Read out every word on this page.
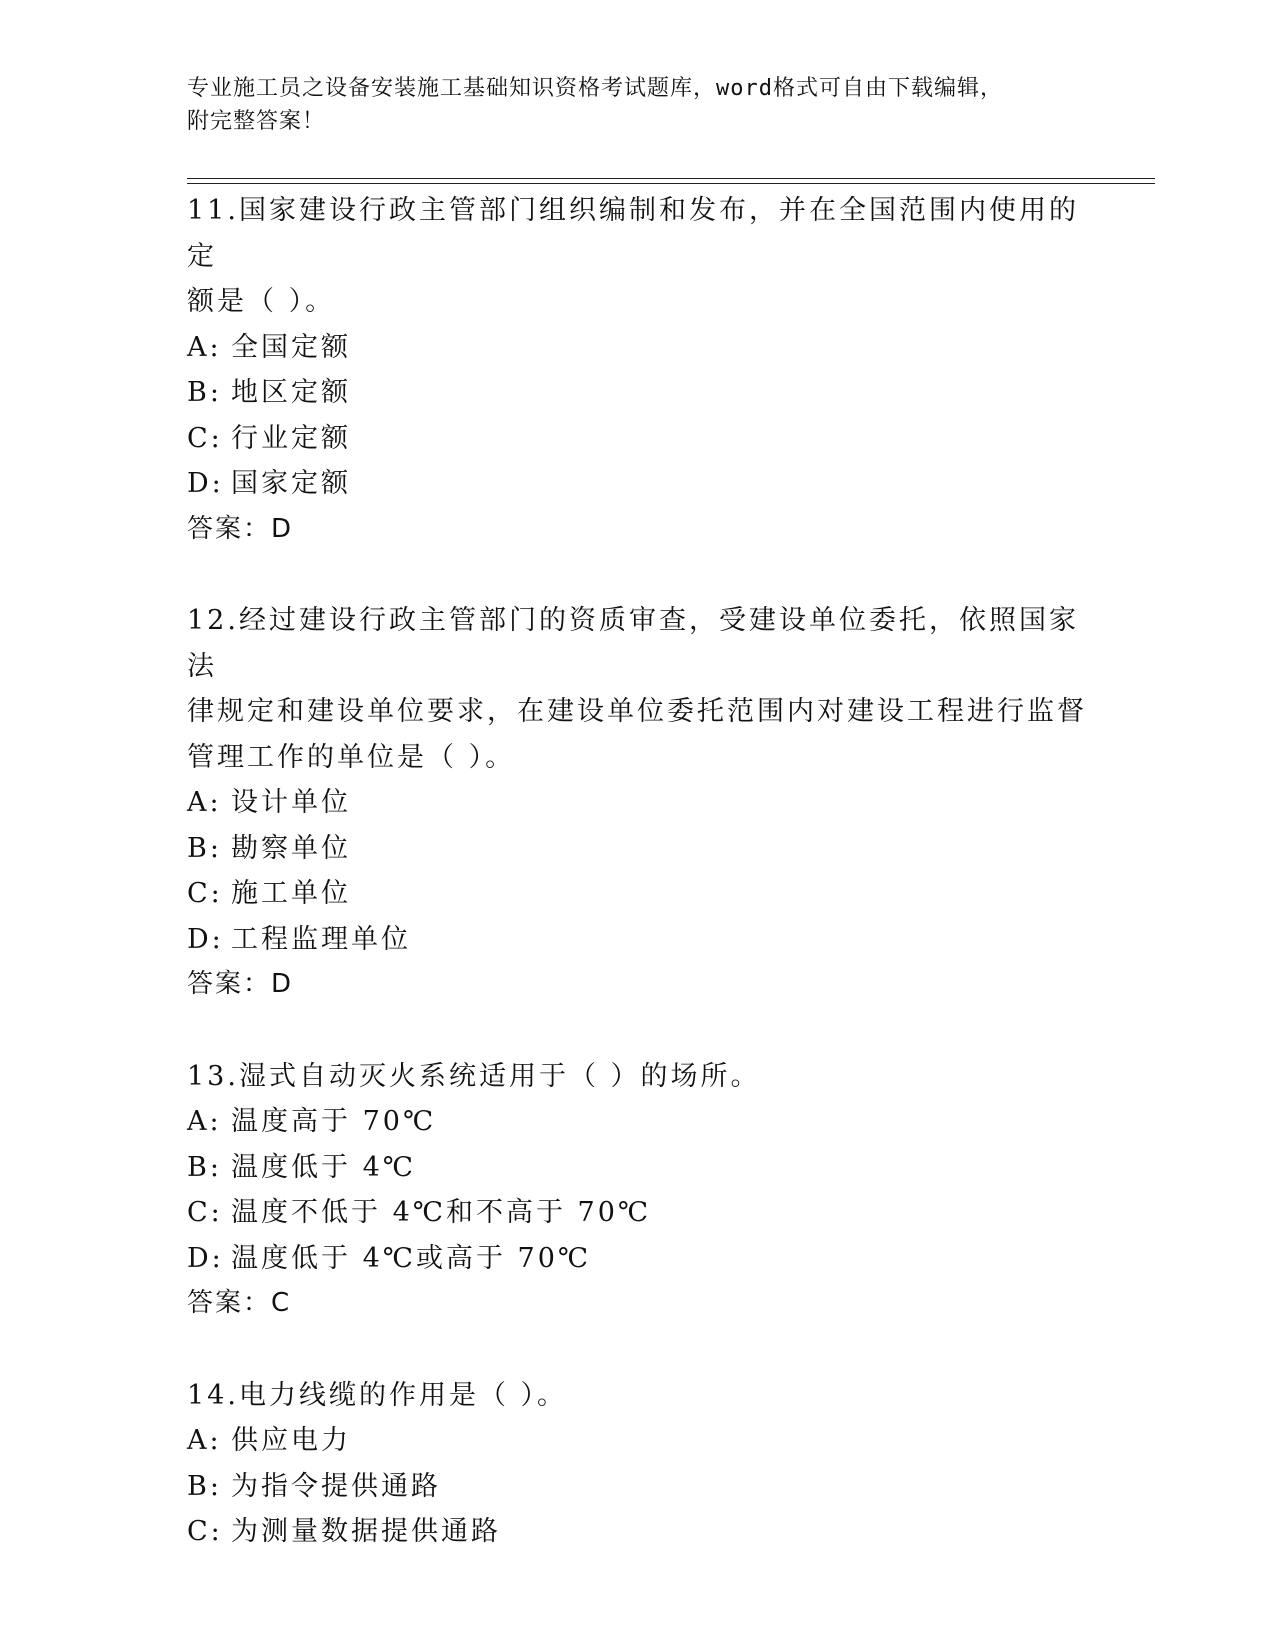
专业施工员之设备安装施工基础知识资格考试题库，word格式可自由下载编辑，
附完整答案！
11.国家建设行政主管部门组织编制和发布，并在全国范围内使用的定
额是（ ）。
A: 全国定额
B: 地区定额
C: 行业定额
D: 国家定额
答案：D
12.经过建设行政主管部门的资质审查，受建设单位委托，依照国家法
律规定和建设单位要求，在建设单位委托范围内对建设工程进行监督
管理工作的单位是（ ）。
A: 设计单位
B: 勘察单位
C: 施工单位
D: 工程监理单位
答案：D
13.湿式自动灭火系统适用于（ ）的场所。
A: 温度高于 70℃
B: 温度低于 4℃
C: 温度不低于 4℃和不高于 70℃
D: 温度低于 4℃或高于 70℃
答案：C
14.电力线缆的作用是（ ）。
A: 供应电力
B: 为指令提供通路
C: 为测量数据提供通路
